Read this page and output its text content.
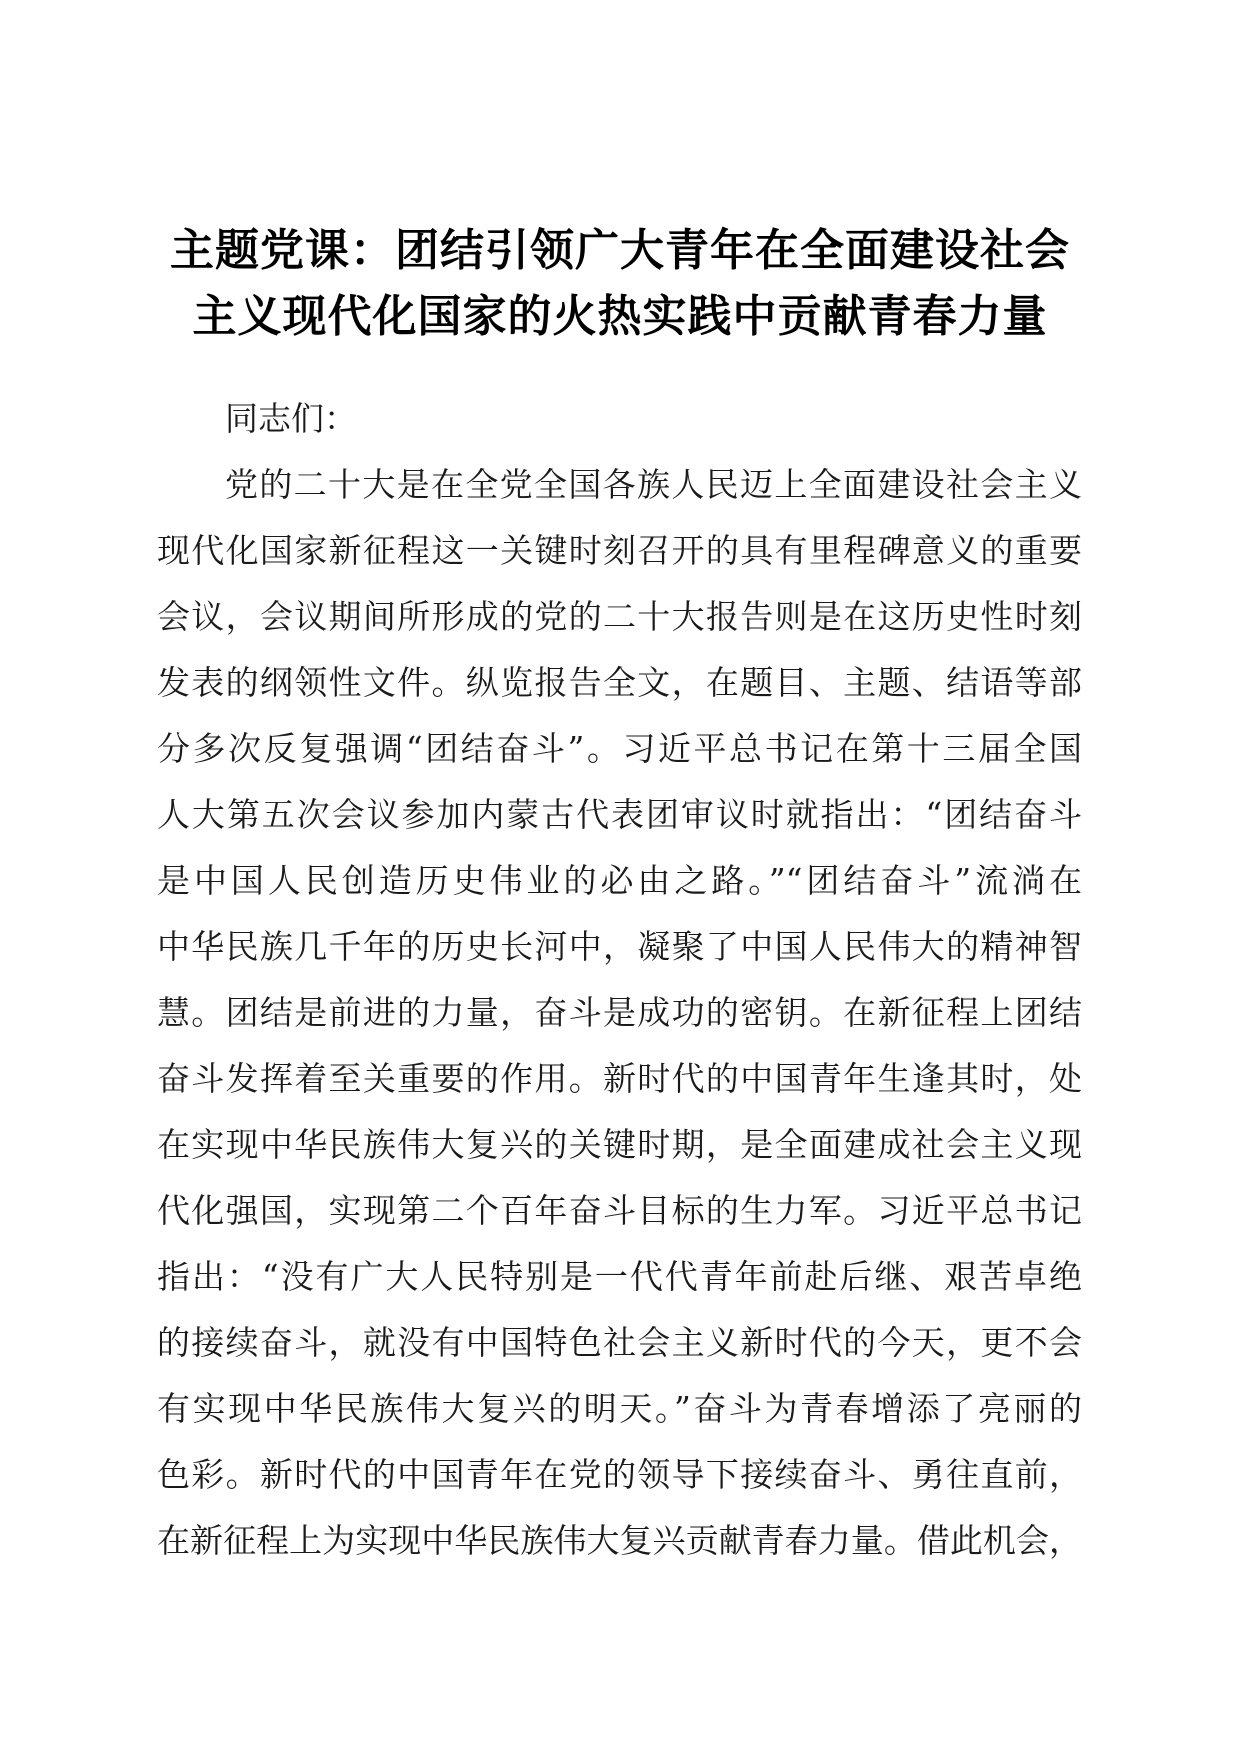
主题党课：团结引领广大青年在全面建设社会
主义现代化国家的火热实践中贡献青春力量
同志们：
党的二十大是在全党全国各族人民迈上全面建设社会主义
现代化国家新征程这一关键时刻召开的具有里程碑意义的重要
会议，会议期间所形成的党的二十大报告则是在这历史性时刻
发表的纲领性文件。纵览报告全文，在题目、主题、结语等部
分多次反复强调“团结奋斗”。习近平总书记在第十三届全国
人大第五次会议参加内蒙古代表团审议时就指出：“团结奋斗
是中国人民创造历史伟业的必由之路。”“团结奋斗”流淌在
中华民族几千年的历史长河中，凝聚了中国人民伟大的精神智
慧。团结是前进的力量，奋斗是成功的密钥。在新征程上团结
奋斗发挥着至关重要的作用。新时代的中国青年生逢其时，处
在实现中华民族伟大复兴的关键时期，是全面建成社会主义现
代化强国，实现第二个百年奋斗目标的生力军。习近平总书记
指出：“没有广大人民特别是一代代青年前赴后继、艰苦卓绝
的接续奋斗，就没有中国特色社会主义新时代的今天，更不会
有实现中华民族伟大复兴的明天。”奋斗为青春增添了亮丽的
色彩。新时代的中国青年在党的领导下接续奋斗、勇往直前，
在新征程上为实现中华民族伟大复兴贡献青春力量。借此机会，
